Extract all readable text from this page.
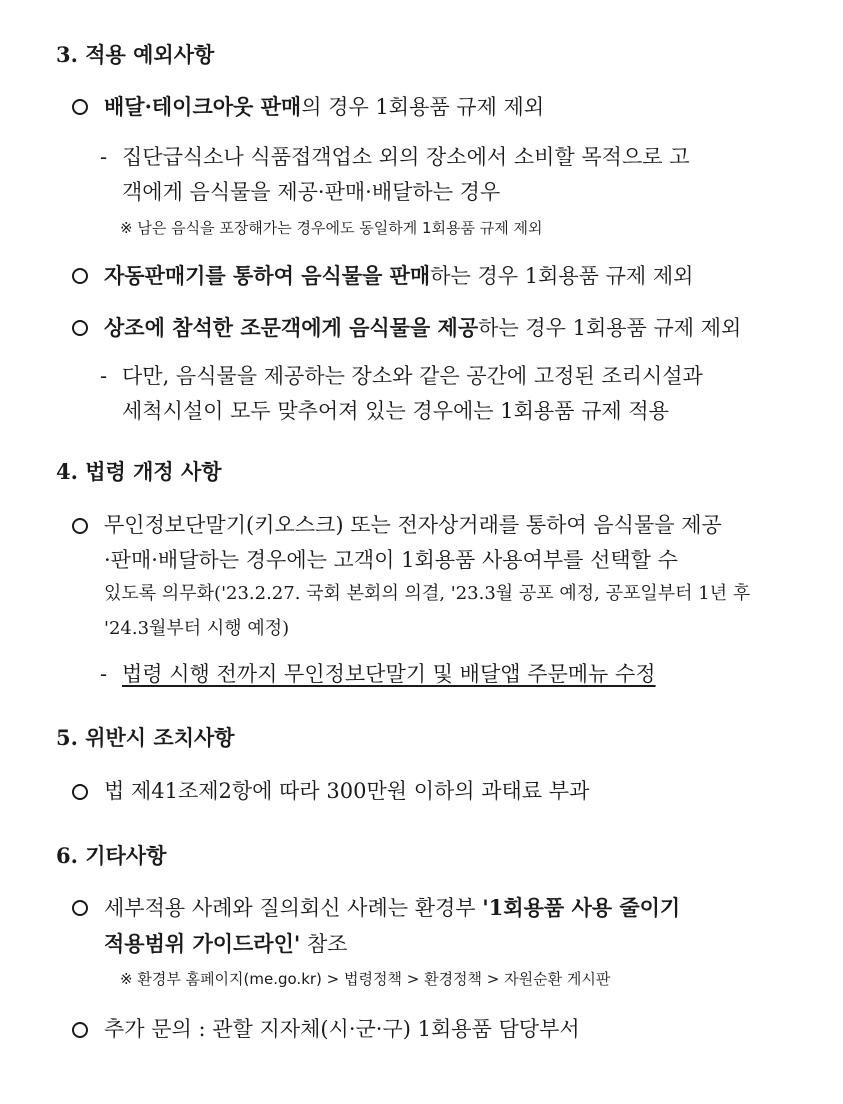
3. 적용 예외사항
배달·테이크아웃 판매의 경우 1회용품 규제 제외
- 집단급식소나 식품접객업소 외의 장소에서 소비할 목적으로 고
객에게 음식물을 제공·판매·배달하는 경우
※ 남은 음식을 포장해가는 경우에도 동일하게 1회용품 규제 제외
자동판매기를 통하여 음식물을 판매하는 경우 1회용품 규제 제외
상조에 참석한 조문객에게 음식물을 제공하는 경우 1회용품 규제 제외
- 다만, 음식물을 제공하는 장소와 같은 공간에 고정된 조리시설과
세척시설이 모두 맞추어져 있는 경우에는 1회용품 규제 적용
4. 법령 개정 사항
무인정보단말기(키오스크) 또는 전자상거래를 통하여 음식물을 제공
·판매·배달하는 경우에는 고객이 1회용품 사용여부를 선택할 수
있도록 의무화('23.2.27. 국회 본회의 의결, '23.3월 공포 예정, 공포일부터 1년 후
'24.3월부터 시행 예정)
- 법령 시행 전까지 무인정보단말기 및 배달앱 주문메뉴 수정
5. 위반시 조치사항
법 제41조제2항에 따라 300만원 이하의 과태료 부과
6. 기타사항
세부적용 사례와 질의회신 사례는 환경부 '1회용품 사용 줄이기
적용범위 가이드라인' 참조
※ 환경부 홈페이지(me.go.kr) > 법령정책 > 환경정책 > 자원순환 게시판
추가 문의 : 관할 지자체(시·군·구) 1회용품 담당부서
